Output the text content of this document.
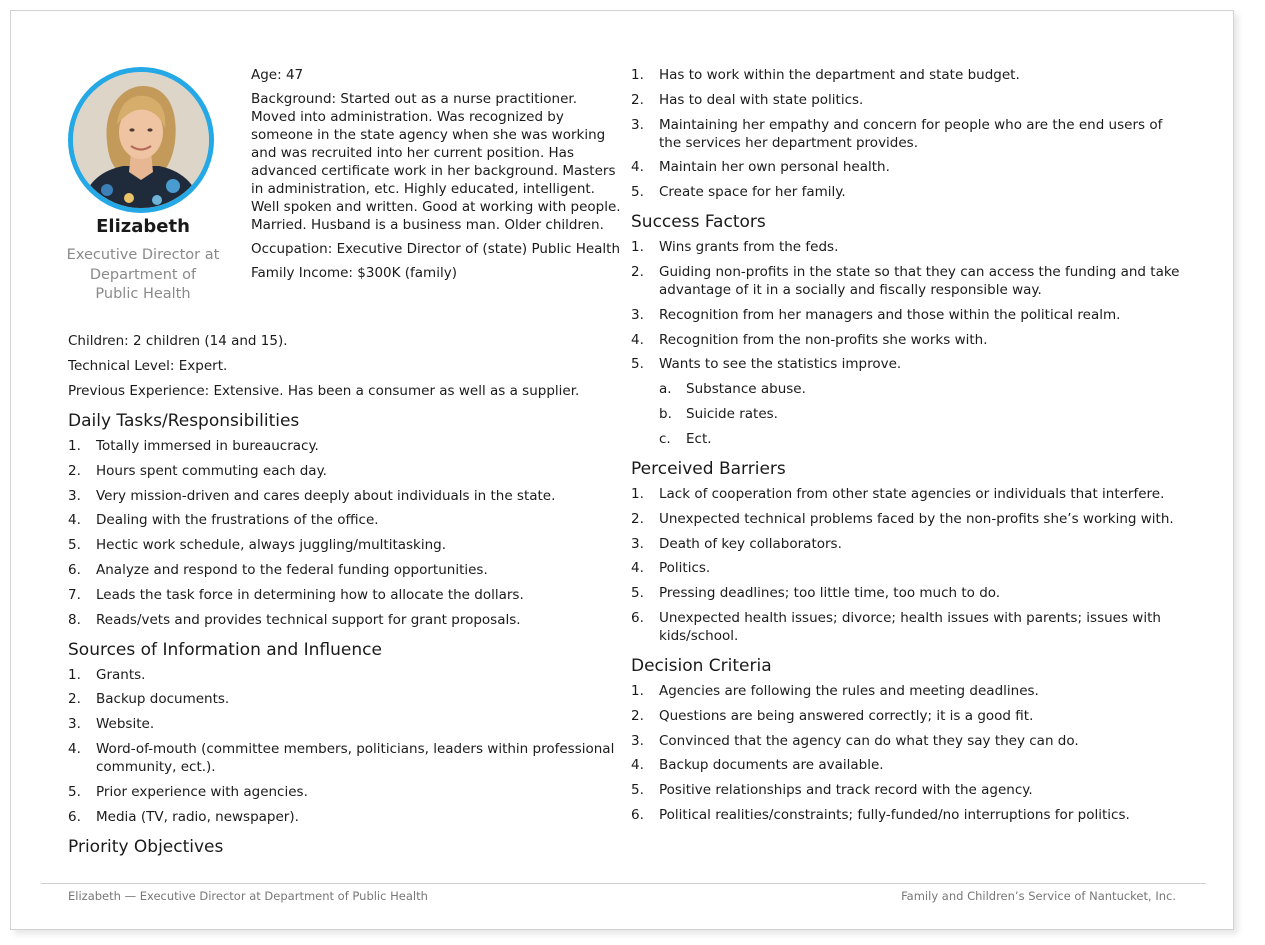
Elizabeth
Executive Director at
Department of
Public Health

Age: 47

Background: Started out as a nurse practitioner. Moved into administration. Was recognized by someone in the state agency when she was working and was recruited into her current position. Has advanced certificate work in her background. Masters in administration, etc. Highly educated, intelligent. Well spoken and written. Good at working with people. Married. Husband is a business man. Older children.

Occupation: Executive Director of (state) Public Health

Family Income: $300K (family)

Children: 2 children (14 and 15).
Technical Level: Expert.
Previous Experience: Extensive. Has been a consumer as well as a supplier.
Daily Tasks/Responsibilities
1. Totally immersed in bureaucracy.
2. Hours spent commuting each day.
3. Very mission-driven and cares deeply about individuals in the state.
4. Dealing with the frustrations of the office.
5. Hectic work schedule, always juggling/multitasking.
6. Analyze and respond to the federal funding opportunities.
7. Leads the task force in determining how to allocate the dollars.
8. Reads/vets and provides technical support for grant proposals.
Sources of Information and Influence
1. Grants.
2. Backup documents.
3. Website.
4. Word-of-mouth (committee members, politicians, leaders within professional community, ect.).
5. Prior experience with agencies.
6. Media (TV, radio, newspaper).
Priority Objectives
1. Has to work within the department and state budget.
2. Has to deal with state politics.
3. Maintaining her empathy and concern for people who are the end users of the services her department provides.
4. Maintain her own personal health.
5. Create space for her family.
Success Factors
1. Wins grants from the feds.
2. Guiding non-profits in the state so that they can access the funding and take advantage of it in a socially and fiscally responsible way.
3. Recognition from her managers and those within the political realm.
4. Recognition from the non-profits she works with.
5. Wants to see the statistics improve.
a. Substance abuse.
b. Suicide rates.
c. Ect.
Perceived Barriers
1. Lack of cooperation from other state agencies or individuals that interfere.
2. Unexpected technical problems faced by the non-profits she’s working with.
3. Death of key collaborators.
4. Politics.
5. Pressing deadlines; too little time, too much to do.
6. Unexpected health issues; divorce; health issues with parents; issues with kids/school.
Decision Criteria
1. Agencies are following the rules and meeting deadlines.
2. Questions are being answered correctly; it is a good fit.
3. Convinced that the agency can do what they say they can do.
4. Backup documents are available.
5. Positive relationships and track record with the agency.
6. Political realities/constraints; fully-funded/no interruptions for politics.
Elizabeth — Executive Director at Department of Public Health	Family and Children’s Service of Nantucket, Inc.
